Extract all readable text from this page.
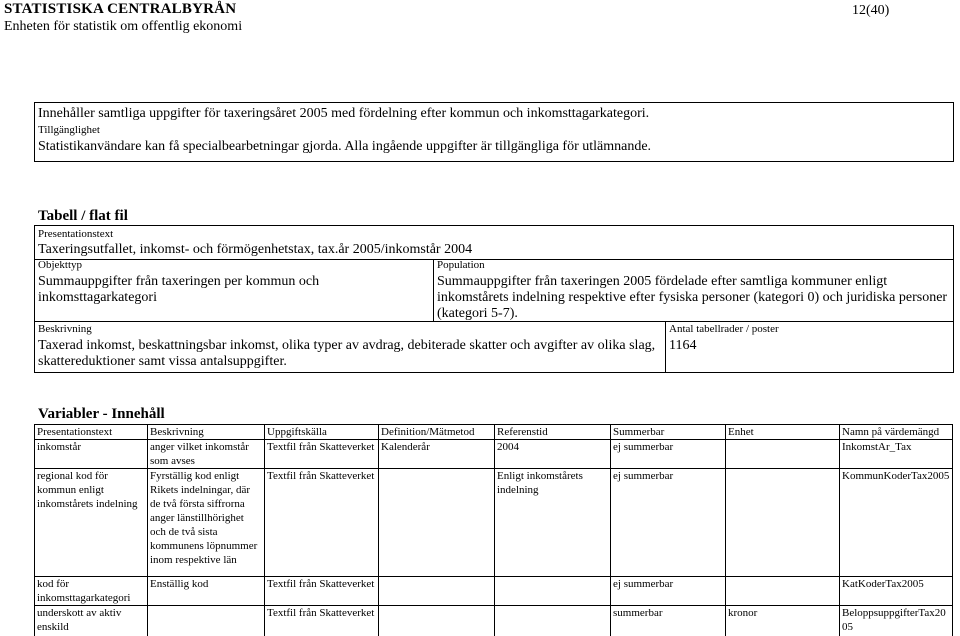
STATISTISKA CENTRALBYRÅN
Enheten för statistik om offentlig ekonomi
12(40)
Innehåller samtliga uppgifter för taxeringsåret 2005 med fördelning efter kommun och inkomsttagarkategori.
Tillgänglighet
Statistikanvändare kan få specialbearbetningar gjorda. Alla ingående uppgifter är tillgängliga för utlämnande.
Tabell / flat fil
Presentationstext
Taxeringsutfallet, inkomst- och förmögenhetstax, tax.år 2005/inkomstår 2004
Objekttyp
Summauppgifter från taxeringen per kommun och inkomsttagarkategori
Population
Summauppgifter från taxeringen 2005 fördelade efter samtliga kommuner enligt inkomstårets indelning respektive efter fysiska personer (kategori 0) och juridiska personer (kategori 5-7).
Beskrivning
Taxerad inkomst, beskattningsbar inkomst, olika typer av avdrag, debiterade skatter och avgifter av olika slag, skattereduktioner samt vissa antalsuppgifter.
Antal tabellrader / poster
1164
Variabler - Innehåll
Presentationstext	Beskrivning	Uppgiftskälla	Definition/Mätmetod	Referenstid	Summerbar	Enhet	Namn på värdemängd
inkomstår	anger vilket inkomstår som avses	Textfil från Skatteverket	Kalenderår	2004	ej summerbar		InkomstAr_Tax
regional kod för kommun enligt inkomstårets indelning	Fyrställig kod enligt Rikets indelningar, där de två första siffrorna anger länstillhörighet och de två sista kommunens löpnummer inom respektive län	Textfil från Skatteverket		Enligt inkomstårets indelning	ej summerbar		KommunKoderTax2005
kod för inkomsttagarkategori	Enställig kod	Textfil från Skatteverket			ej summerbar		KatKoderTax2005
underskott av aktiv enskild		Textfil från Skatteverket			summerbar	kronor	BeloppsuppgifterTax2005
